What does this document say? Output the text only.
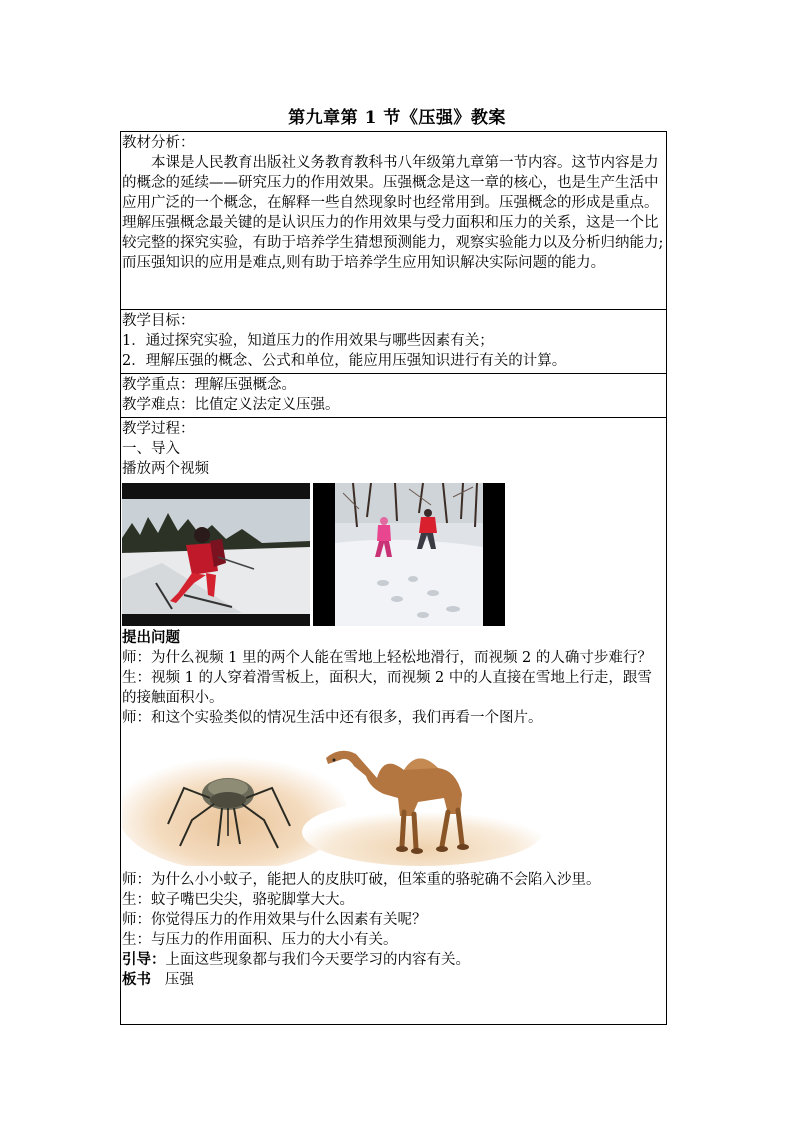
第九章第 1 节《压强》教案

教材分析：

本课是人民教育出版社义务教育教科书八年级第九章第一节内容。这节内容是力的概念的延续——研究压力的作用效果。压强概念是这一章的核心，也是生产生活中应用广泛的一个概念，在解释一些自然现象时也经常用到。压强概念的形成是重点。理解压强概念最关键的是认识压力的作用效果与受力面积和压力的关系，这是一个比较完整的探究实验，有助于培养学生猜想预测能力，观察实验能力以及分析归纳能力;而压强知识的应用是难点,则有助于培养学生应用知识解决实际问题的能力。

教学目标：

1．通过探究实验，知道压力的作用效果与哪些因素有关；

2．理解压强的概念、公式和单位，能应用压强知识进行有关的计算。

教学重点：理解压强概念。

教学难点：比值定义法定义压强。

教学过程：

一、导入

播放两个视频

提出问题

师：为什么视频 1 里的两个人能在雪地上轻松地滑行，而视频 2 的人确寸步难行？

生：视频 1 的人穿着滑雪板上，面积大，而视频 2 中的人直接在雪地上行走，跟雪的接触面积小。

师：和这个实验类似的情况生活中还有很多，我们再看一个图片。

师：为什么小小蚊子，能把人的皮肤叮破，但笨重的骆驼确不会陷入沙里。

生：蚊子嘴巴尖尖，骆驼脚掌大大。

师：你觉得压力的作用效果与什么因素有关呢？

生：与压力的作用面积、压力的大小有关。

引导：上面这些现象都与我们今天要学习的内容有关。

板书 压强
